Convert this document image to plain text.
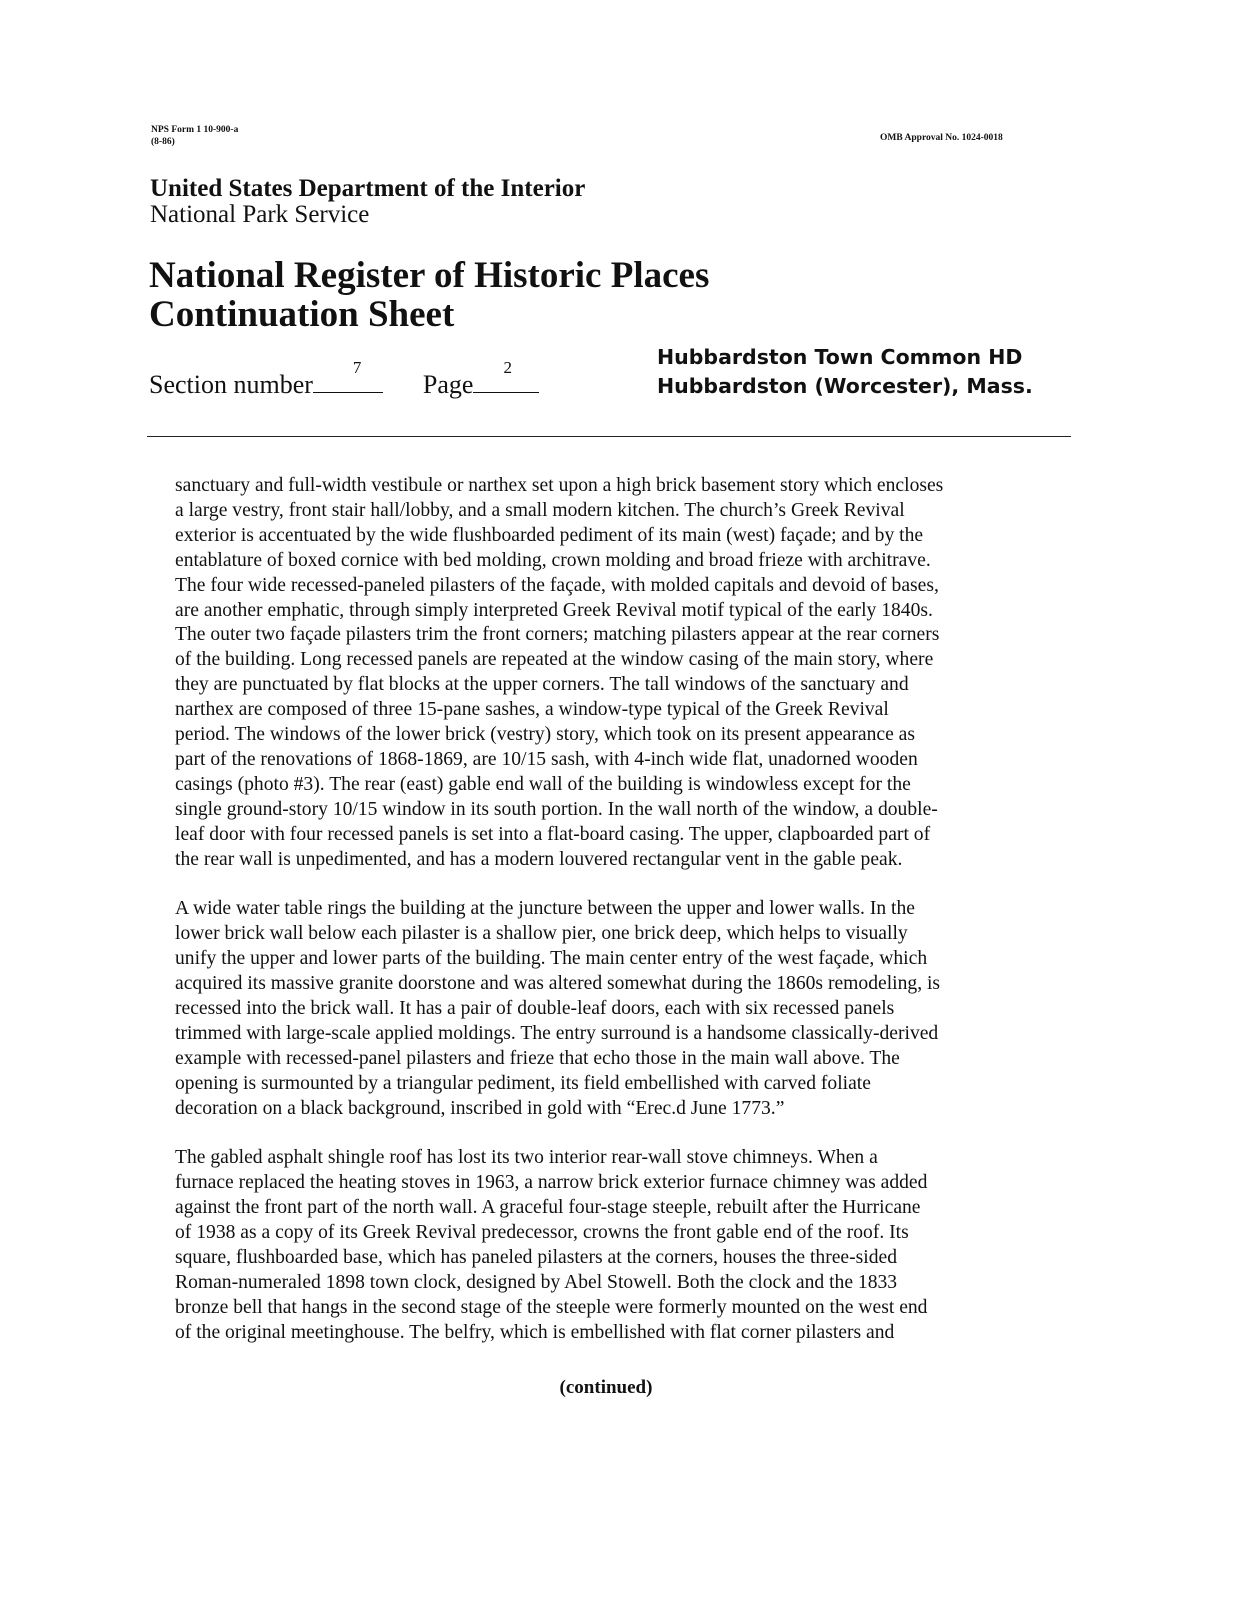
NPS Form 1 10-900-a
(8-86)	OMB Approval No. 1024-0018
United States Department of the Interior
National Park Service
National Register of Historic Places
Continuation Sheet
Section number
7
Page
2	Hubbardston Town Common HD
Hubbardston (Worcester), Mass.

sanctuary and full-width vestibule or narthex set upon a high brick basement story which encloses
a large vestry, front stair hall/lobby, and a small modern kitchen. The church’s Greek Revival
exterior is accentuated by the wide flushboarded pediment of its main (west) façade; and by the
entablature of boxed cornice with bed molding, crown molding and broad frieze with architrave.
The four wide recessed-paneled pilasters of the façade, with molded capitals and devoid of bases,
are another emphatic, through simply interpreted Greek Revival motif typical of the early 1840s.
The outer two façade pilasters trim the front corners; matching pilasters appear at the rear corners
of the building. Long recessed panels are repeated at the window casing of the main story, where
they are punctuated by flat blocks at the upper corners. The tall windows of the sanctuary and
narthex are composed of three 15-pane sashes, a window-type typical of the Greek Revival
period. The windows of the lower brick (vestry) story, which took on its present appearance as
part of the renovations of 1868-1869, are 10/15 sash, with 4-inch wide flat, unadorned wooden
casings (photo #3). The rear (east) gable end wall of the building is windowless except for the
single ground-story 10/15 window in its south portion. In the wall north of the window, a double-
leaf door with four recessed panels is set into a flat-board casing. The upper, clapboarded part of
the rear wall is unpedimented, and has a modern louvered rectangular vent in the gable peak.

A wide water table rings the building at the juncture between the upper and lower walls. In the
lower brick wall below each pilaster is a shallow pier, one brick deep, which helps to visually
unify the upper and lower parts of the building. The main center entry of the west façade, which
acquired its massive granite doorstone and was altered somewhat during the 1860s remodeling, is
recessed into the brick wall. It has a pair of double-leaf doors, each with six recessed panels
trimmed with large-scale applied moldings. The entry surround is a handsome classically-derived
example with recessed-panel pilasters and frieze that echo those in the main wall above. The
opening is surmounted by a triangular pediment, its field embellished with carved foliate
decoration on a black background, inscribed in gold with “Erec.d June 1773.”

The gabled asphalt shingle roof has lost its two interior rear-wall stove chimneys. When a
furnace replaced the heating stoves in 1963, a narrow brick exterior furnace chimney was added
against the front part of the north wall. A graceful four-stage steeple, rebuilt after the Hurricane
of 1938 as a copy of its Greek Revival predecessor, crowns the front gable end of the roof. Its
square, flushboarded base, which has paneled pilasters at the corners, houses the three-sided
Roman-numeraled 1898 town clock, designed by Abel Stowell. Both the clock and the 1833
bronze bell that hangs in the second stage of the steeple were formerly mounted on the west end
of the original meetinghouse. The belfry, which is embellished with flat corner pilasters and

(continued)
